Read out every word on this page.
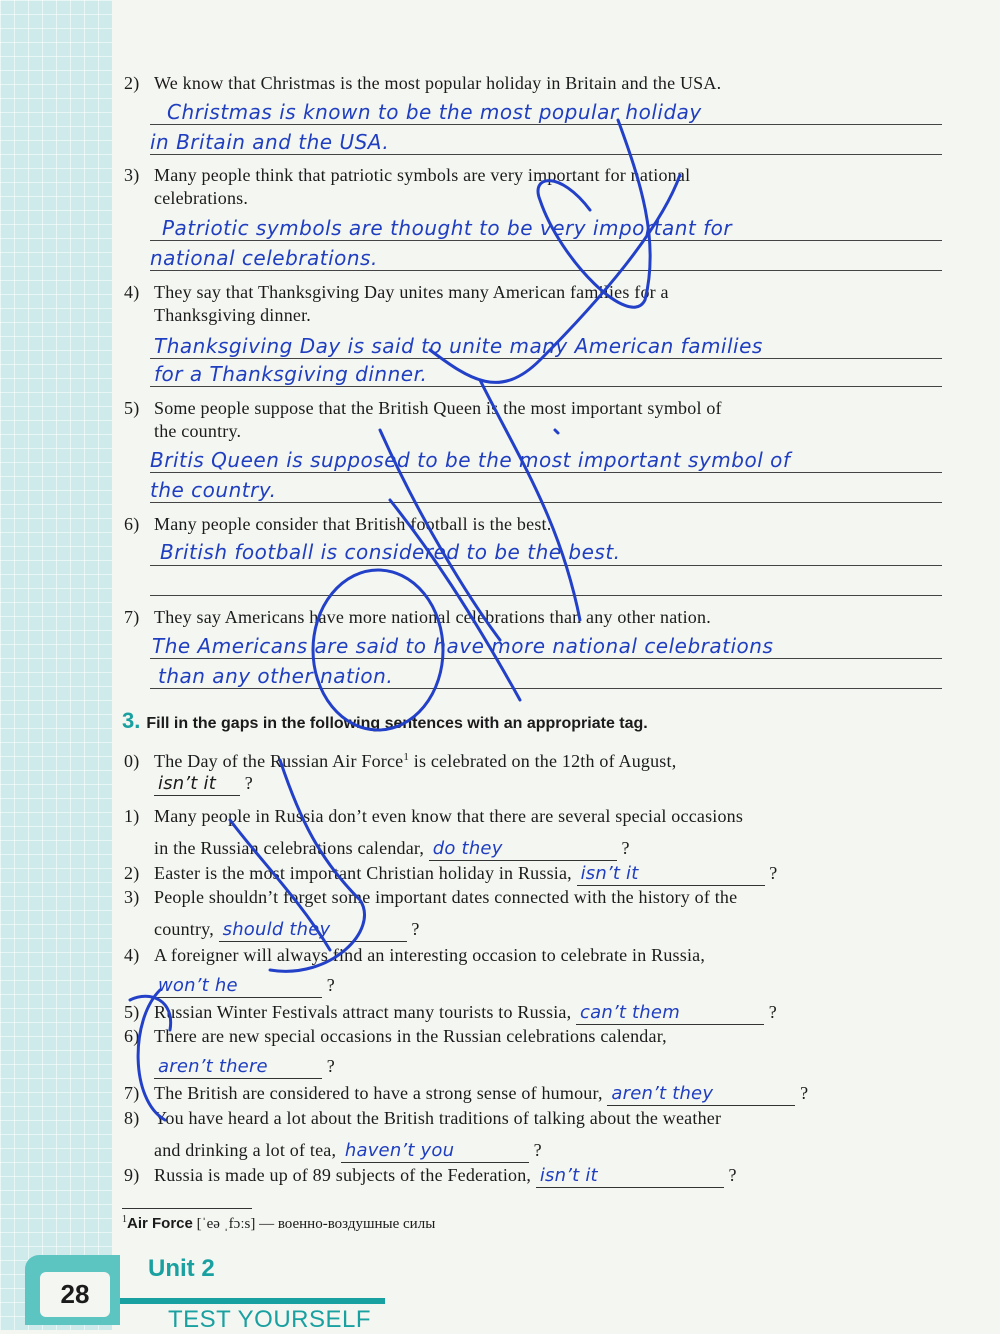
2) We know that Christmas is the most popular holiday in Britain and the USA.
Christmas is known to be the most popular holiday
in Britain and the USA.
3) Many people think that patriotic symbols are very important for national
celebrations.
Patriotic symbols are thought to be very important for
national celebrations.
4) They say that Thanksgiving Day unites many American families for a
Thanksgiving dinner.
Thanksgiving Day is said to unite many American families
for a Thanksgiving dinner.
5) Some people suppose that the British Queen is the most important symbol of
the country.
Britis Queen is supposed to be the most important symbol of
the country.
6) Many people consider that British football is the best.
British football is considered to be the best.
7) They say Americans have more national celebrations than any other nation.
The Americans are said to have more national celebrations
than any other nation.
3. Fill in the gaps in the following sentences with an appropriate tag.
0) The Day of the Russian Air Force$^1$ is celebrated on the 12th of August,
isn’t it ?
1) Many people in Russia don’t even know that there are several special occasions
in the Russian celebrations calendar, do they	?
2) Easter is the most important Christian holiday in Russia, isn’t it	?
3) People shouldn’t forget some important dates connected with the history of the
country, should they	?
4) A foreigner will always find an interesting occasion to celebrate in Russia,
won’t he	?
5) Russian Winter Festivals attract many tourists to Russia, can’t them	?
6) There are new special occasions in the Russian celebrations calendar,
aren’t there	?
7) The British are considered to have a strong sense of humour, aren’t they	?
8) You have heard a lot about the British traditions of talking about the weather
and drinking a lot of tea, haven’t you	?
9) Russia is made up of 89 subjects of the Federation, isn’t it	?
$^1$Air Force [ˈeə ˌfɔːs] — военно-воздушные силы
28
Unit 2
TEST YOURSELF
